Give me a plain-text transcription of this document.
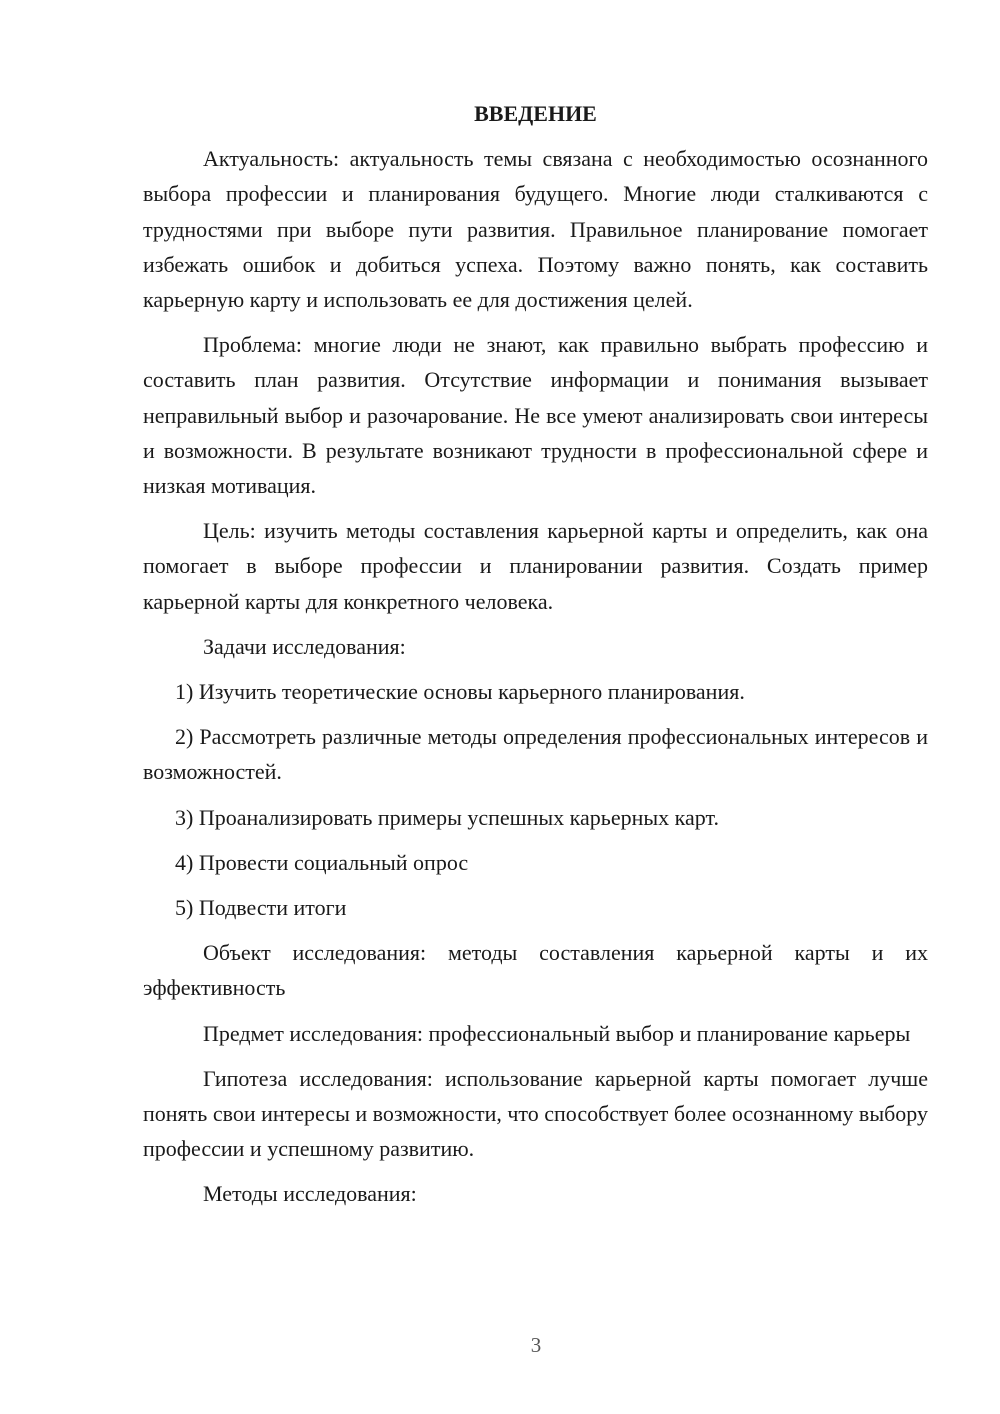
ВВЕДЕНИЕ

Актуальность: актуальность темы связана с необходимостью осознанного выбора профессии и планирования будущего. Многие люди сталкиваются с трудностями при выборе пути развития. Правильное планирование помогает избежать ошибок и добиться успеха. Поэтому важно понять, как составить карьерную карту и использовать ее для достижения целей.

Проблема: многие люди не знают, как правильно выбрать профессию и составить план развития. Отсутствие информации и понимания вызывает неправильный выбор и разочарование. Не все умеют анализировать свои интересы и возможности. В результате возникают трудности в профессиональной сфере и низкая мотивация.

Цель: изучить методы составления карьерной карты и определить, как она помогает в выборе профессии и планировании развития. Создать пример карьерной карты для конкретного человека.

Задачи исследования:

1) Изучить теоретические основы карьерного планирования.

2) Рассмотреть различные методы определения профессиональных интересов и возможностей.

3) Проанализировать примеры успешных карьерных карт.

4) Провести социальный опрос

5) Подвести итоги

Объект исследования: методы составления карьерной карты и их эффективность

Предмет исследования: профессиональный выбор и планирование карьеры

Гипотеза исследования: использование карьерной карты помогает лучше понять свои интересы и возможности, что способствует более осознанному выбору профессии и успешному развитию.

Методы исследования:

3
